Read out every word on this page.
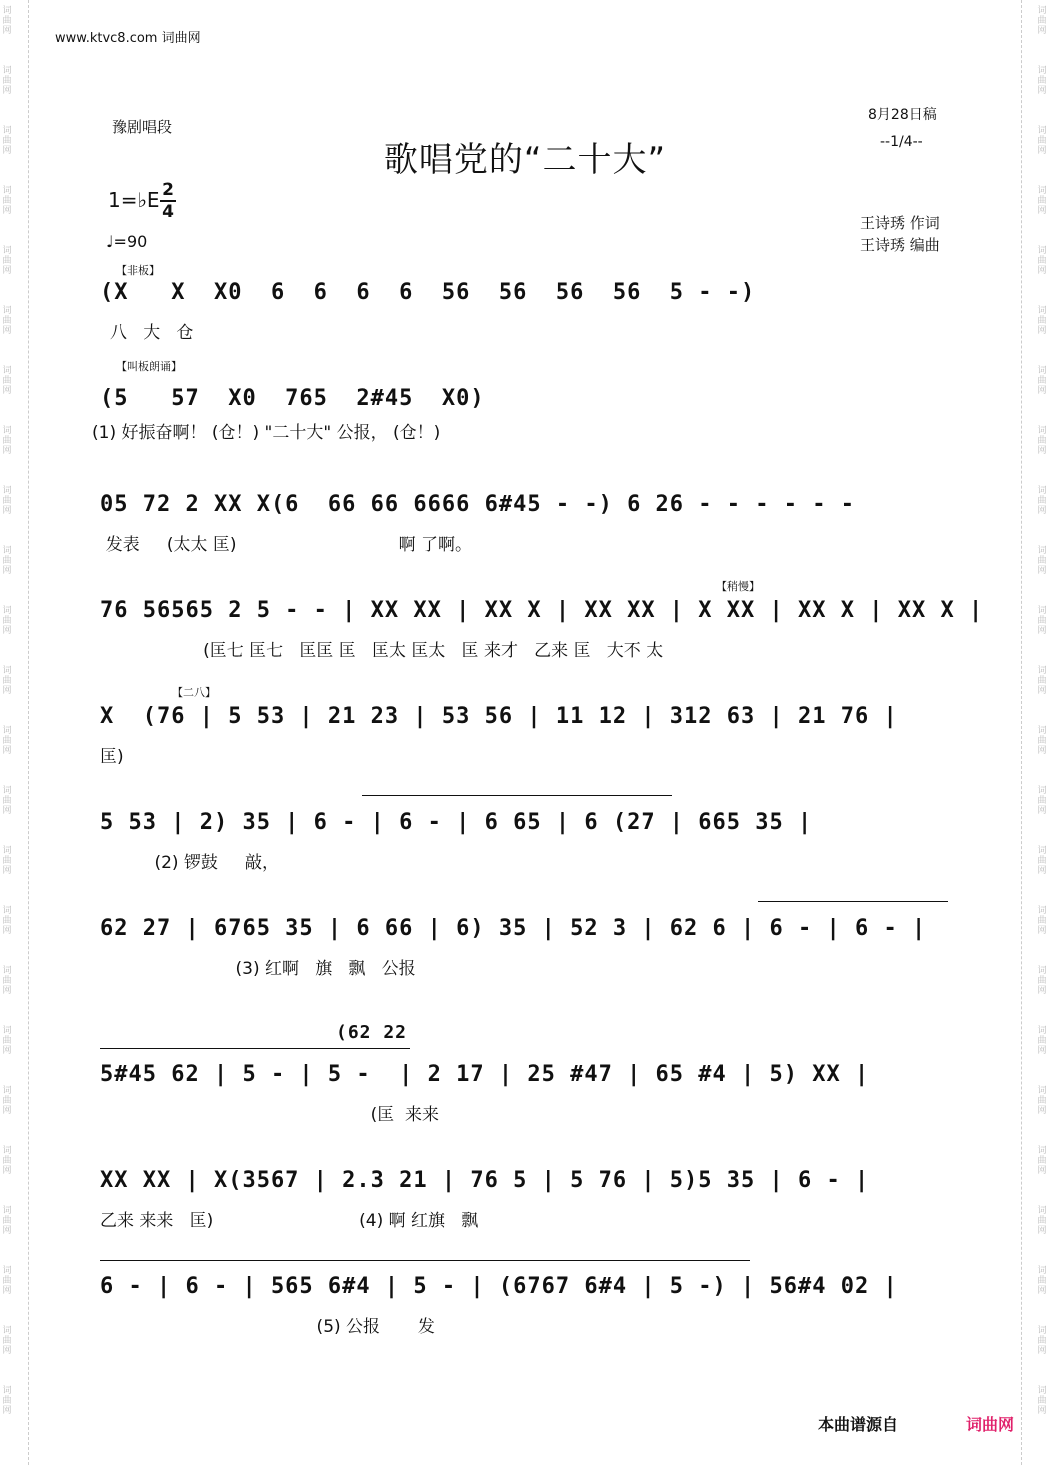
词
曲
网
词
曲
网
词
曲
网
词
曲
网
词
曲
网
词
曲
网
词
曲
网
词
曲
网
词
曲
网
词
曲
网
词
曲
网
词
曲
网
词
曲
网
词
曲
网
词
曲
网
词
曲
网
词
曲
网
词
曲
网
词
曲
网
词
曲
网
词
曲
网
词
曲
网
词
曲
网
词
曲
网
词
曲
网
词
曲
网
词
曲
网
词
曲
网
词
曲
网
词
曲
网
词
曲
网
词
曲
网
词
曲
网
词
曲
网
词
曲
网
词
曲
网
词
曲
网
词
曲
网
词
曲
网
词
曲
网
词
曲
网
词
曲
网
词
曲
网
词
曲
网
词
曲
网
词
曲
网
词
曲
网
词
曲
网
www.ktvc8.com 词曲网
豫剧唱段
歌唱党的“二十大”
8月28日稿
--1/4--
王诗琇 作词
王诗琇 编曲
1=♭E 2
4
♩=90
【非板】
【叫板朗诵】
【稍慢】
【二八】
(X   X  X0  6  6  6  6  56  56  56  56  5 - -)
八   大   仓
(5   57  X0  765  2#45  X0)
(1) 好振奋啊！ (仓！) "二十大" 公报， (仓！)
05 72 2 XX X(6  66 66 6666 6#45 - -) 6 26 - - - - - -
发表     (太太 匡)                              啊 了啊。
76 56565 2 5 - - | XX XX | XX X | XX XX | X XX | XX X | XX X |
(匡七 匡七   匡匡 匡   匡太 匡太   匡 来才   乙来 匡   大不 太
X  (76 | 5 53 | 21 23 | 53 56 | 11 12 | 312 63 | 21 76 |
匡)
5 53 | 2) 35 | 6 - | 6 - | 6 65 | 6 (27 | 665 35 |
(2) 锣鼓     敲，
62 27 | 6765 35 | 6 66 | 6) 35 | 52 3 | 62 6 | 6 - | 6 - |
(3) 红啊   旗   飘   公报
(62 22
5#45 62 | 5 - | 5 -  | 2 17 | 25 #47 | 65 #4 | 5) XX |
(匡  来来
XX XX | X(3567 | 2.3 21 | 76 5 | 5 76 | 5)5 35 | 6 - |
乙来 来来   匡)                           (4) 啊 红旗   飘
6 - | 6 - | 565 6#4 | 5 - | (6767 6#4 | 5 -) | 56#4 02 |
(5) 公报       发
本曲谱源自	词曲网
